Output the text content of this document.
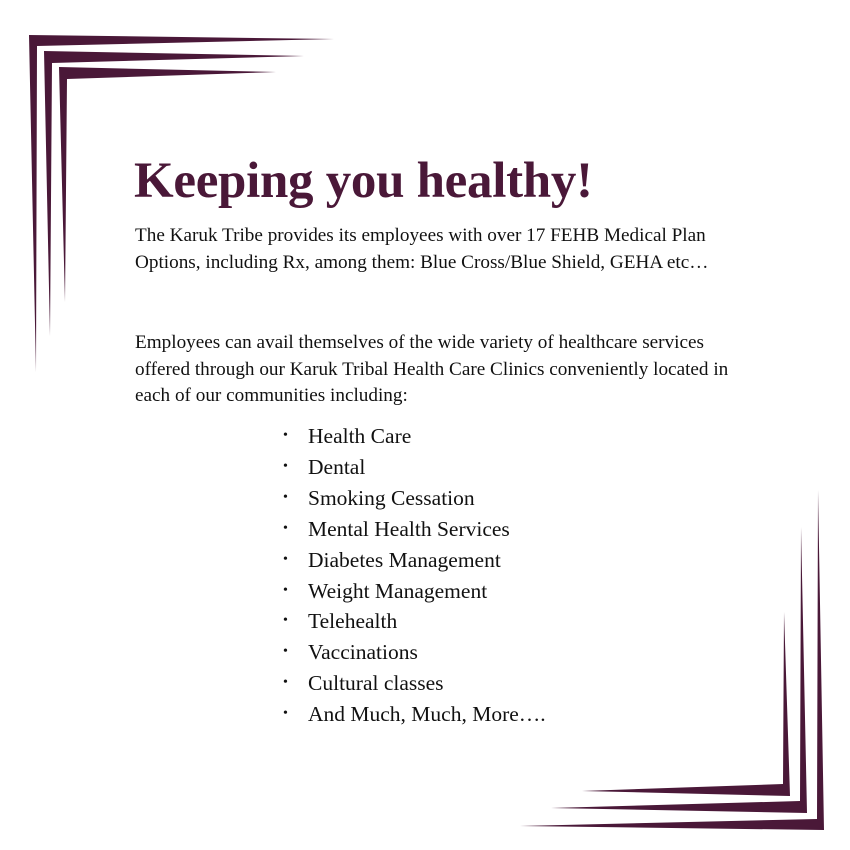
Keeping you healthy!

The Karuk Tribe provides its employees with over 17 FEHB Medical Plan Options, including Rx, among them: Blue Cross/Blue Shield, GEHA etc…

Employees can avail themselves of the wide variety of healthcare services offered through our Karuk Tribal Health Care Clinics conveniently located in each of our communities including:

• Health Care
• Dental
• Smoking Cessation
• Mental Health Services
• Diabetes Management
• Weight Management
• Telehealth
• Vaccinations
• Cultural classes
• And Much, Much, More….
